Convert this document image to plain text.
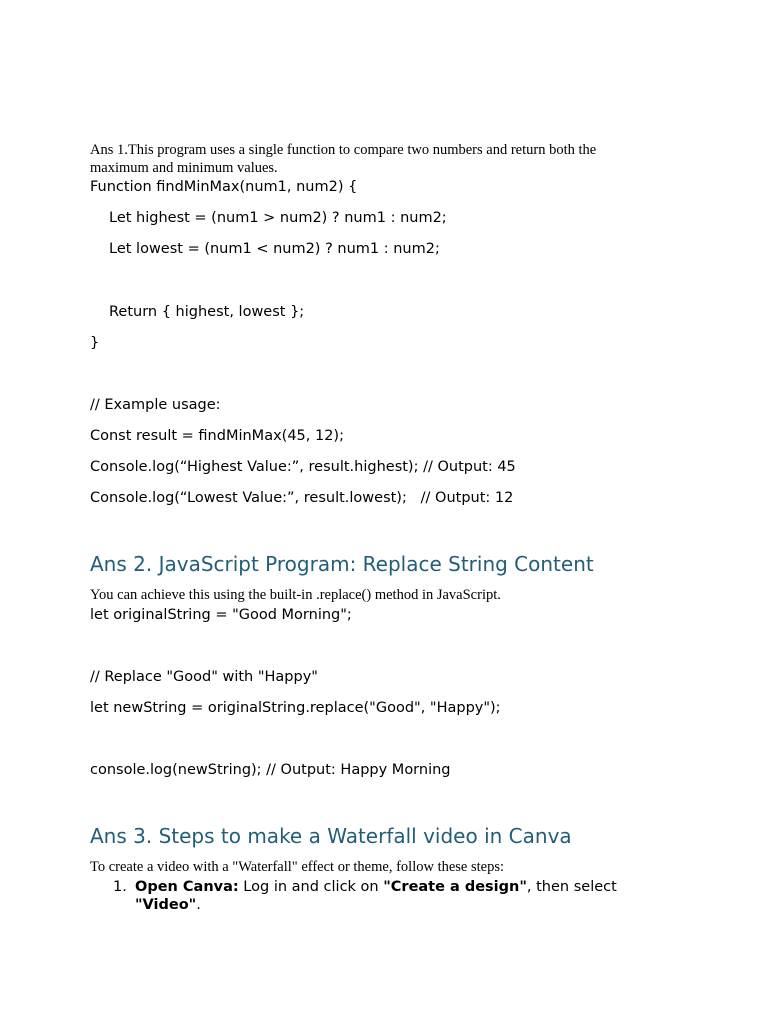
Ans 1.This program uses a single function to compare two numbers and return both the maximum and minimum values.
Function findMinMax(num1, num2) {
Let highest = (num1 > num2) ? num1 : num2;
Let lowest = (num1 < num2) ? num1 : num2;
Return { highest, lowest };
}
// Example usage:
Const result = findMinMax(45, 12);
Console.log(“Highest Value:”, result.highest); // Output: 45
Console.log(“Lowest Value:”, result.lowest);   // Output: 12
Ans 2. JavaScript Program: Replace String Content
You can achieve this using the built-in .replace() method in JavaScript.
let originalString = "Good Morning";
// Replace "Good" with "Happy"
let newString = originalString.replace("Good", "Happy");
console.log(newString); // Output: Happy Morning
Ans 3. Steps to make a Waterfall video in Canva
To create a video with a "Waterfall" effect or theme, follow these steps:
1. Open Canva: Log in and click on "Create a design", then select "Video".
